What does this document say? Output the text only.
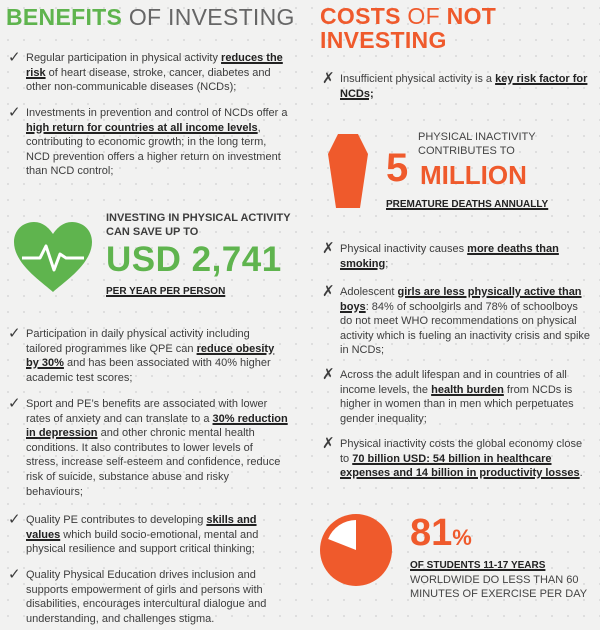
BENEFITS OF INVESTING
✓ Regular participation in physical activity reduces the risk of heart disease, stroke, cancer, diabetes and other non-communicable diseases (NCDs);
✓ Investments in prevention and control of NCDs offer a high return for countries at all income levels, contributing to economic growth; in the long term, NCD prevention offers a higher return on investment than NCD control;
INVESTING IN PHYSICAL ACTIVITY CAN SAVE UP TO
USD 2,741
PER YEAR PER PERSON
✓ Participation in daily physical activity including tailored programmes like QPE can reduce obesity by 30% and has been associated with 40% higher academic test scores;
✓ Sport and PE’s benefits are associated with lower rates of anxiety and can translate to a 30% reduction in depression and other chronic mental health conditions. It also contributes to lower levels of stress, increase self-esteem and confidence, reduce risk of suicide, substance abuse and risky behaviours;
✓ Quality PE contributes to developing skills and values which build socio-emotional, mental and physical resilience and support critical thinking;
✓ Quality Physical Education drives inclusion and supports empowerment of girls and persons with disabilities, encourages intercultural dialogue and understanding, and challenges stigma.
COSTS OF NOT
INVESTING
✗ Insufficient physical activity is a key risk factor for NCDs;
PHYSICAL INACTIVITY CONTRIBUTES TO
5 MILLION
PREMATURE DEATHS ANNUALLY
✗ Physical inactivity causes more deaths than smoking;
✗ Adolescent girls are less physically active than boys: 84% of schoolgirls and 78% of schoolboys do not meet WHO recommendations on physical activity which is fueling an inactivity crisis and spike in NCDs;
✗ Across the adult lifespan and in countries of all income levels, the health burden from NCDs is higher in women than in men which perpetuates gender inequality;
✗ Physical inactivity costs the global economy close to 70 billion USD: 54 billion in healthcare expenses and 14 billion in productivity losses.
81%
OF STUDENTS 11-17 YEARS
WORLDWIDE DO LESS THAN 60 MINUTES OF EXERCISE PER DAY
